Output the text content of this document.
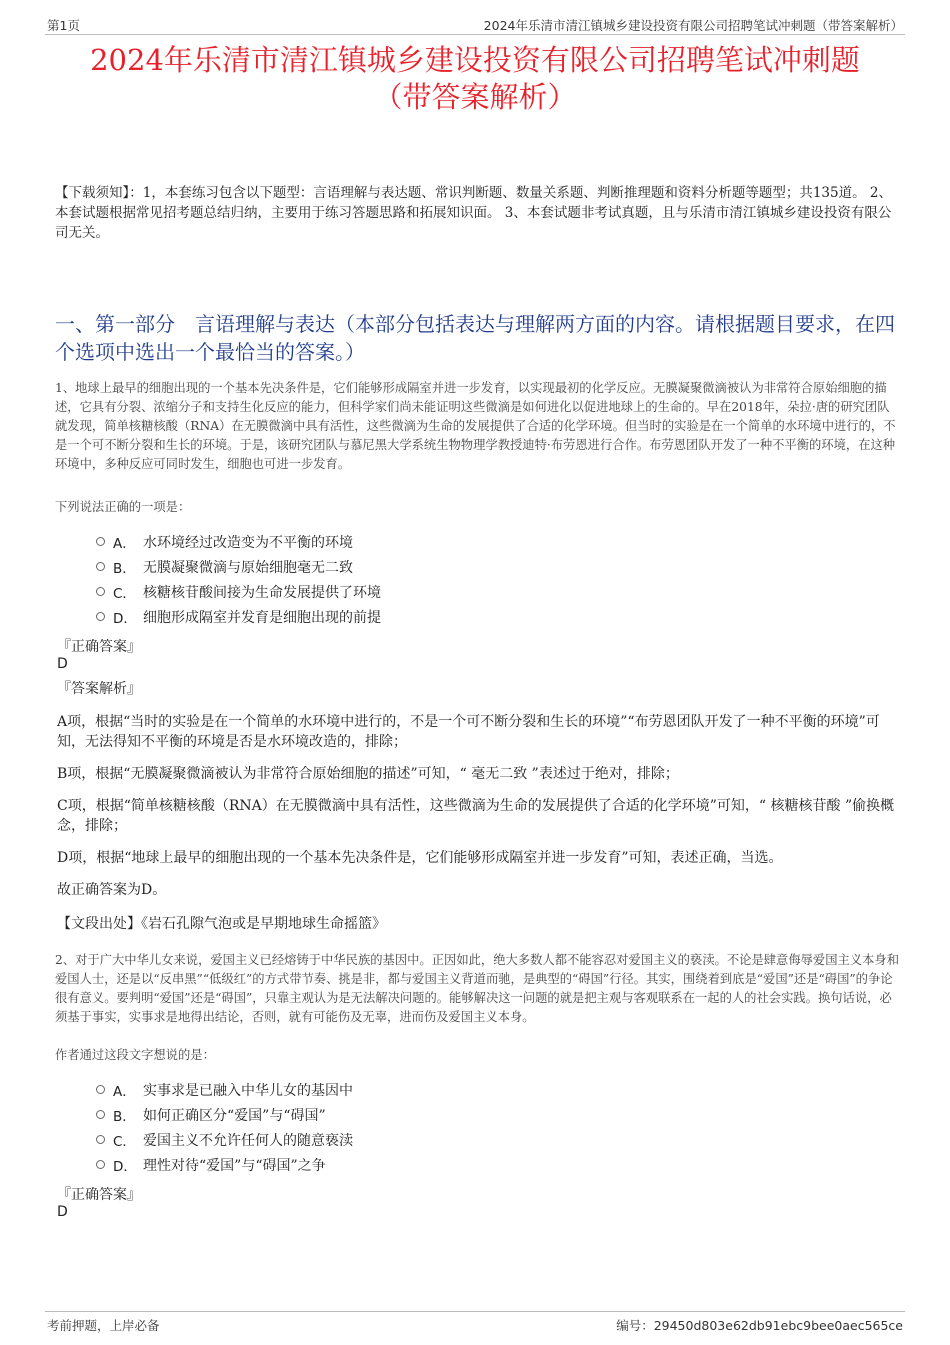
第1页	2024年乐清市清江镇城乡建设投资有限公司招聘笔试冲刺题（带答案解析）
2024年乐清市清江镇城乡建设投资有限公司招聘笔试冲刺题
（带答案解析）
【下载须知】：1，本套练习包含以下题型：言语理解与表达题、常识判断题、数量关系题、判断推理题和资料分析题等题型；共135道。 2、本套试题根据常见招考题总结归纳，主要用于练习答题思路和拓展知识面。 3、本套试题非考试真题，且与乐清市清江镇城乡建设投资有限公司无关。
一、第一部分　言语理解与表达（本部分包括表达与理解两方面的内容。请根据题目要求，在四个选项中选出一个最恰当的答案。）
1、地球上最早的细胞出现的一个基本先决条件是，它们能够形成隔室并进一步发育，以实现最初的化学反应。无膜凝聚微滴被认为非常符合原始细胞的描述，它具有分裂、浓缩分子和支持生化反应的能力，但科学家们尚未能证明这些微滴是如何进化以促进地球上的生命的。早在2018年，朵拉·唐的研究团队就发现，简单核糖核酸（RNA）在无膜微滴中具有活性，这些微滴为生命的发展提供了合适的化学环境。但当时的实验是在一个简单的水环境中进行的，不是一个可不断分裂和生长的环境。于是，该研究团队与慕尼黑大学系统生物物理学教授迪特·布劳恩进行合作。布劳恩团队开发了一种不平衡的环境，在这种环境中，多种反应可同时发生，细胞也可进一步发育。
下列说法正确的一项是：
A． 水环境经过改造变为不平衡的环境
B． 无膜凝聚微滴与原始细胞毫无二致
C． 核糖核苷酸间接为生命发展提供了环境
D． 细胞形成隔室并发育是细胞出现的前提
『正确答案』
D
『答案解析』
A项，根据“当时的实验是在一个简单的水环境中进行的，不是一个可不断分裂和生长的环境”“布劳恩团队开发了一种不平衡的环境”可知，无法得知不平衡的环境是否是水环境改造的，排除；
B项，根据“无膜凝聚微滴被认为非常符合原始细胞的描述”可知，“ 毫无二致 ”表述过于绝对，排除；
C项，根据“简单核糖核酸（RNA）在无膜微滴中具有活性，这些微滴为生命的发展提供了合适的化学环境”可知，“ 核糖核苷酸 ”偷换概念，排除；
D项，根据“地球上最早的细胞出现的一个基本先决条件是，它们能够形成隔室并进一步发育”可知，表述正确，当选。
故正确答案为D。
【文段出处】《岩石孔隙气泡或是早期地球生命摇篮》
2、对于广大中华儿女来说，爱国主义已经熔铸于中华民族的基因中。正因如此，绝大多数人都不能容忍对爱国主义的亵渎。不论是肆意侮辱爱国主义本身和爱国人士，还是以“反串黑”“低级红”的方式带节奏、挑是非，都与爱国主义背道而驰，是典型的“碍国”行径。其实，围绕着到底是“爱国”还是“碍国”的争论很有意义。要判明“爱国”还是“碍国”，只靠主观认为是无法解决问题的。能够解决这一问题的就是把主观与客观联系在一起的人的社会实践。换句话说，必须基于事实，实事求是地得出结论，否则，就有可能伤及无辜，进而伤及爱国主义本身。
作者通过这段文字想说的是：
A． 实事求是已融入中华儿女的基因中
B． 如何正确区分“爱国”与“碍国”
C． 爱国主义不允许任何人的随意亵渎
D． 理性对待“爱国”与“碍国”之争
『正确答案』
D
考前押题，上岸必备	编号：29450d803e62db91ebc9bee0aec565ce
